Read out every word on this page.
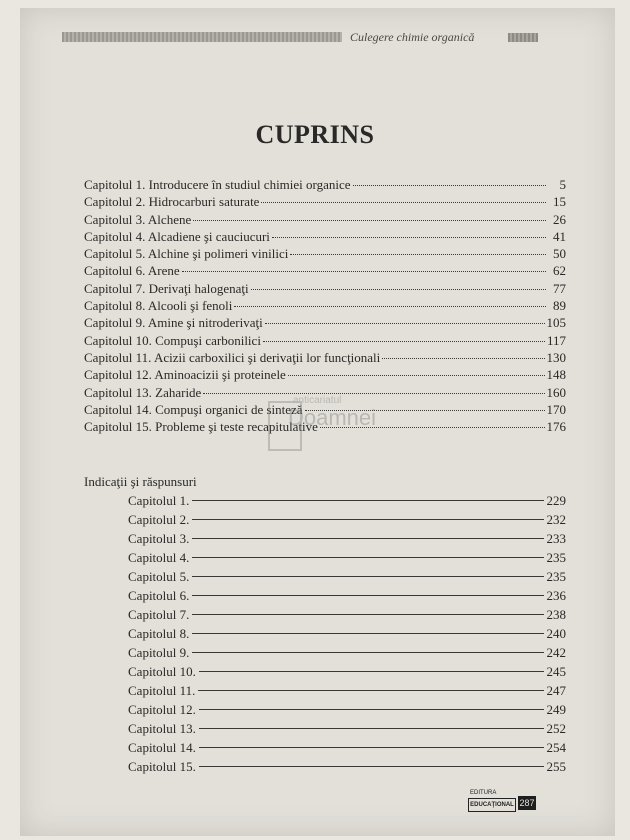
Culegere chimie organică
CUPRINS
Capitolul 1. Introducere în studiul chimiei organice	5
Capitolul 2. Hidrocarburi saturate	15
Capitolul 3. Alchene	26
Capitolul 4. Alcadiene şi cauciucuri	41
Capitolul 5. Alchine şi polimeri vinilici	50
Capitolul 6. Arene	62
Capitolul 7. Derivaţi halogenaţi	77
Capitolul 8. Alcooli şi fenoli	89
Capitolul 9. Amine şi nitroderivaţi	105
Capitolul 10. Compuşi carbonilici	117
Capitolul 11. Acizii carboxilici şi derivaţii lor funcţionali	130
Capitolul 12. Aminoacizii şi proteinele	148
Capitolul 13. Zaharide	160
Capitolul 14. Compuşi organici de sinteză	170
Capitolul 15. Probleme şi teste recapitulative	176
Indicaţii şi răspunsuri
Capitolul 1.	229
Capitolul 2.	232
Capitolul 3.	233
Capitolul 4.	235
Capitolul 5.	235
Capitolul 6.	236
Capitolul 7.	238
Capitolul 8.	240
Capitolul 9.	242
Capitolul 10.	245
Capitolul 11.	247
Capitolul 12.	249
Capitolul 13.	252
Capitolul 14.	254
Capitolul 15.	255
anticariatul
Doamnei
EDITURA
EDUCAŢIONAL 287
